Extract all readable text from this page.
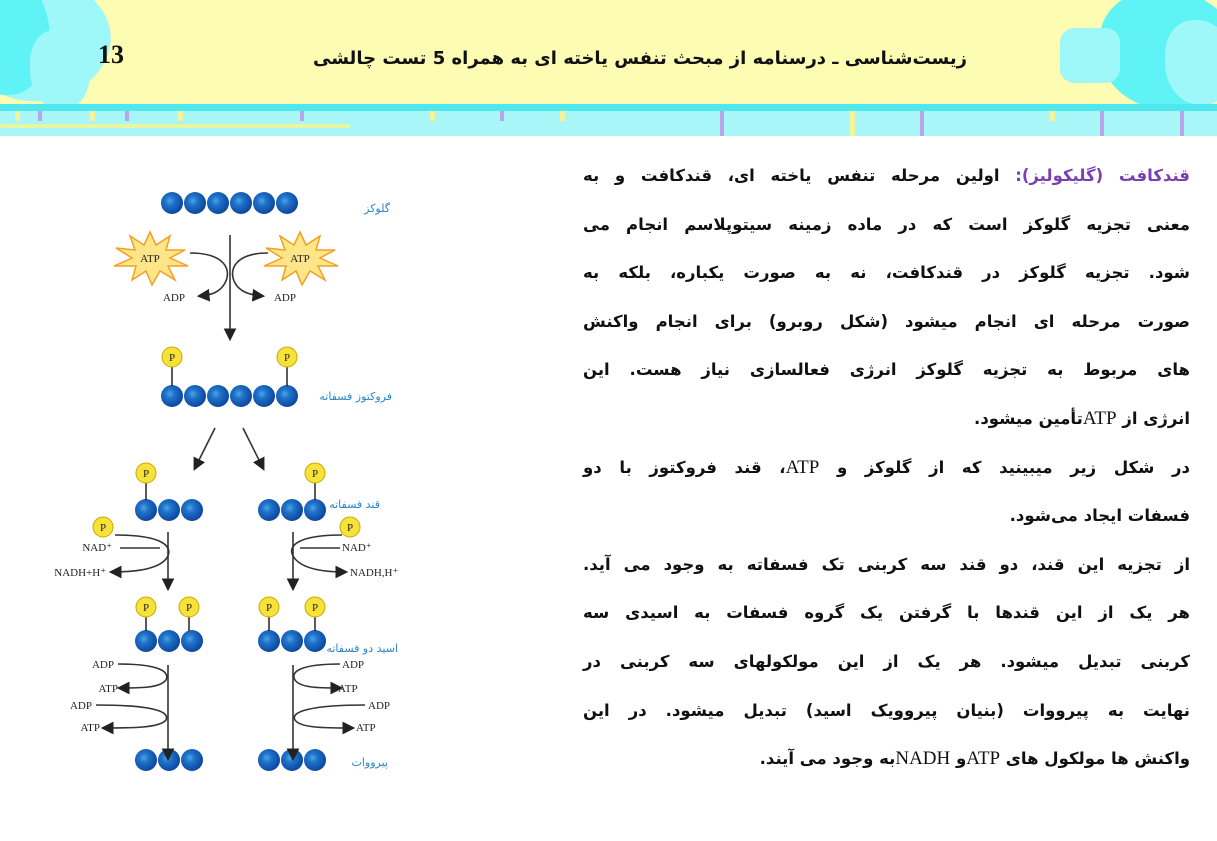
13	زیست‌شناسی ـ درسنامه از مبحث تنفس یاخته ای به همراه 5 تست چالشی
P	P
P	P
P	P
P	P	P	P
ATP	ATP
ADP	ADP
گلوکز
فروکتوز فسفاته
قند فسفاته
اسید دو فسفاته
پیرووات
NAD⁺
NADH+H⁺
NAD⁺
NADH,H⁺
ADP
ATP
ADP
ATP
ADP
ATP
ADP
ATP
قندکافت (گلیکولیز): اولین مرحله تنفس یاخته ای، قندکافت و به
معنی تجزیه گلوکز است که در ماده زمینه سیتوپلاسم انجام می
شود. تجزیه گلوکز در قندکافت، نه به صورت یکباره، بلکه به
صورت مرحله ای انجام میشود (شکل روبرو) برای انجام واکنش
های مربوط به تجزیه گلوکز انرژی فعالسازی نیاز هست. این
انرژی از ATPتأمین میشود.
در شکل زیر میبینید که از گلوکز و ATP، قند فروکتوز با دو
فسفات ایجاد می‌شود.
از تجزیه این قند، دو قند سه کربنی تک فسفاته به وجود می آید.
هر یک از این قندها با گرفتن یک گروه فسفات به اسیدی سه
کربنی تبدیل میشود. هر یک از این مولکولهای سه کربنی در
نهایت به پیرووات (بنیان پیروویک اسید) تبدیل میشود. در این
واکنش ها مولکول های ATPو NADHبه وجود می آیند.
